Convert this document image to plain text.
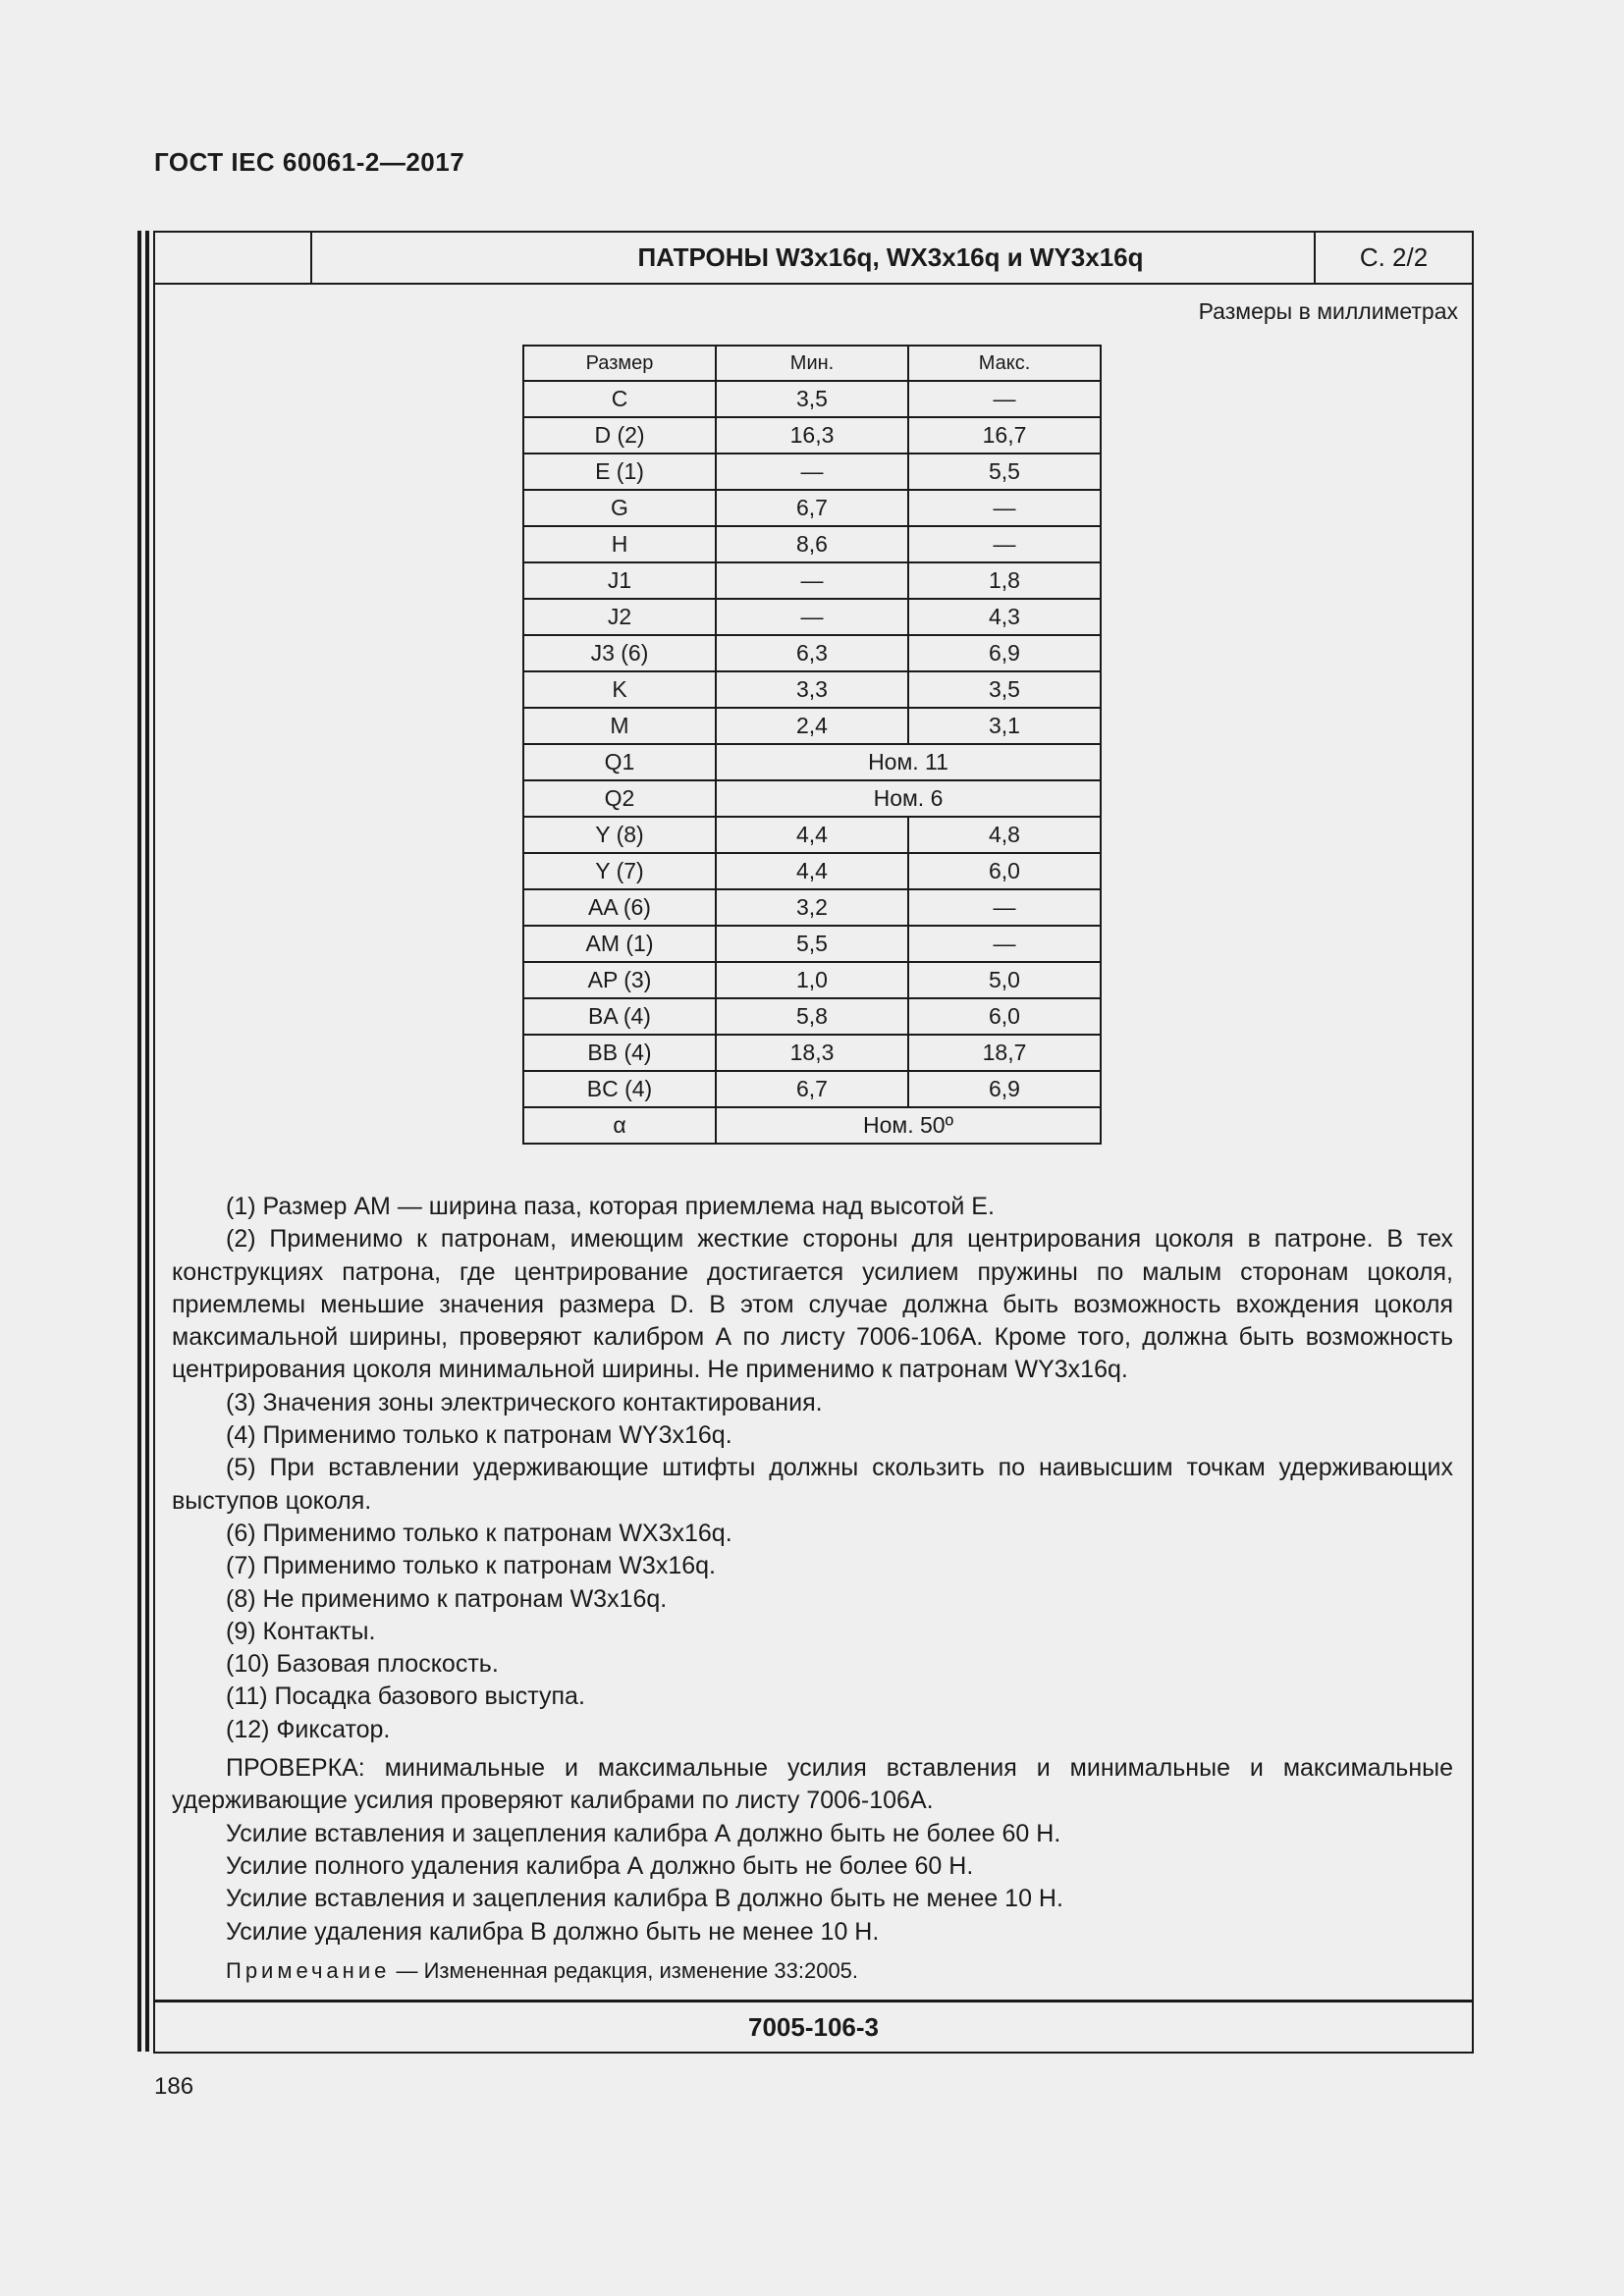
ГОСТ IEC 60061-2—2017
ПАТРОНЫ W3x16q, WX3x16q и WY3x16q	С. 2/2
Размеры в миллиметрах
Размер	Мин.	Макс.
C	3,5	—
D (2)	16,3	16,7
E (1)	—	5,5
G	6,7	—
H	8,6	—
J1	—	1,8
J2	—	4,3
J3 (6)	6,3	6,9
K	3,3	3,5
M	2,4	3,1
Q1	Ном. 11	
Q2	Ном. 6	
Y (8)	4,4	4,8
Y (7)	4,4	6,0
AA (6)	3,2	—
AM (1)	5,5	—
AP (3)	1,0	5,0
BA (4)	5,8	6,0
BB (4)	18,3	18,7
BC (4)	6,7	6,9
α	Ном. 50º	

(1) Размер АМ — ширина паза, которая приемлема над высотой Е.

(2) Применимо к патронам, имеющим жесткие стороны для центрирования цоколя в патроне. В тех конструкциях патрона, где центрирование достигается усилием пружины по малым сторонам цоколя, приемлемы меньшие значения размера D. В этом случае должна быть возможность вхождения цоколя максимальной ширины, проверяют калибром А по листу 7006-106А. Кроме того, должна быть возможность центрирования цоколя минимальной ширины. Не применимо к патронам WY3x16q.

(3) Значения зоны электрического контактирования.

(4) Применимо только к патронам WY3x16q.

(5) При вставлении удерживающие штифты должны скользить по наивысшим точкам удерживающих выступов цоколя.

(6) Применимо только к патронам WX3x16q.

(7) Применимо только к патронам W3x16q.

(8) Не применимо к патронам W3x16q.

(9) Контакты.

(10) Базовая плоскость.

(11) Посадка базового выступа.

(12) Фиксатор.

ПРОВЕРКА: минимальные и максимальные усилия вставления и минимальные и максимальные удерживающие усилия проверяют калибрами по листу 7006-106А.

Усилие вставления и зацепления калибра А должно быть не более 60 Н.

Усилие полного удаления калибра А должно быть не более 60 Н.

Усилие вставления и зацепления калибра В должно быть не менее 10 Н.

Усилие удаления калибра В должно быть не менее 10 Н.

Примечание — Измененная редакция, изменение 33:2005.

7005-106-3
186
